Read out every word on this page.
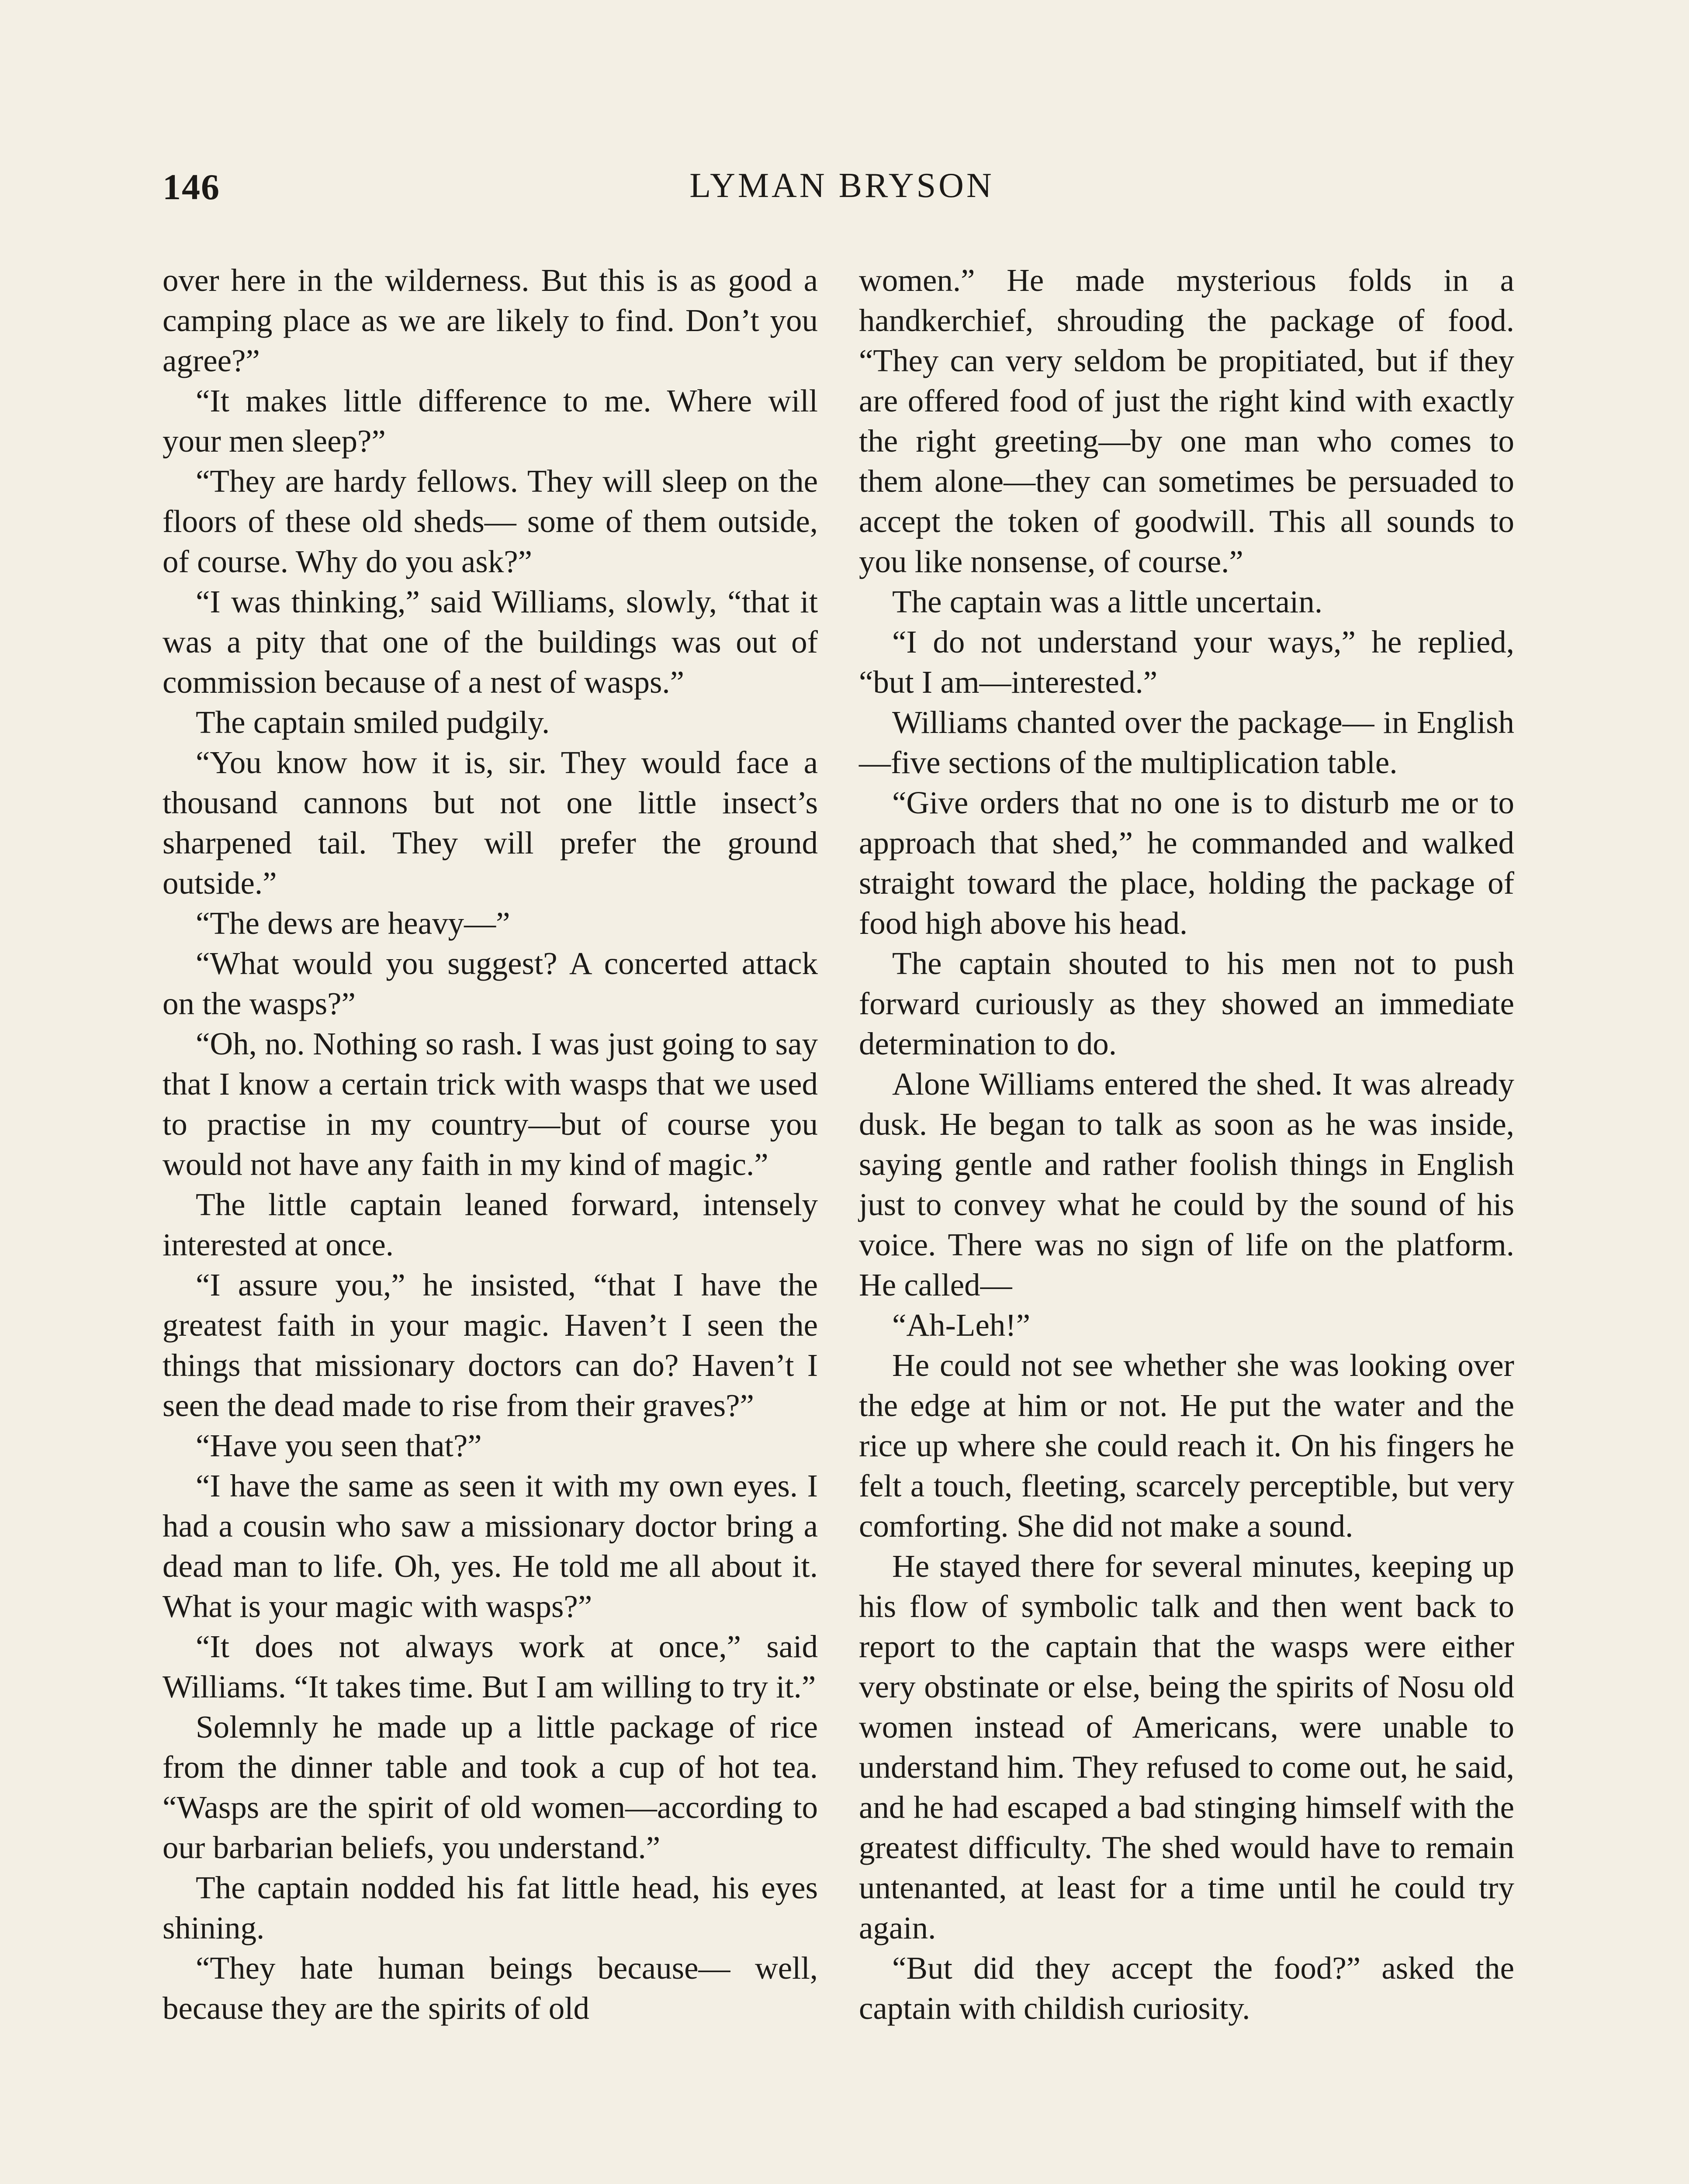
146	LYMAN BRYSON

over here in the wilderness. But this is as good a camping place as we are likely to find. Don’t you agree?”

“It makes little difference to me. Where will your men sleep?”

“They are hardy fellows. They will sleep on the floors of these old sheds— some of them outside, of course. Why do you ask?”

“I was thinking,” said Williams, slowly, “that it was a pity that one of the buildings was out of commission because of a nest of wasps.”

The captain smiled pudgily.

“You know how it is, sir. They would face a thousand cannons but not one little insect’s sharpened tail. They will prefer the ground outside.”

“The dews are heavy—”

“What would you suggest? A concerted attack on the wasps?”

“Oh, no. Nothing so rash. I was just going to say that I know a certain trick with wasps that we used to practise in my country—but of course you would not have any faith in my kind of magic.”

The little captain leaned forward, intensely interested at once.

“I assure you,” he insisted, “that I have the greatest faith in your magic. Haven’t I seen the things that missionary doctors can do? Haven’t I seen the dead made to rise from their graves?”

“Have you seen that?”

“I have the same as seen it with my own eyes. I had a cousin who saw a missionary doctor bring a dead man to life. Oh, yes. He told me all about it. What is your magic with wasps?”

“It does not always work at once,” said Williams. “It takes time. But I am willing to try it.”

Solemnly he made up a little package of rice from the dinner table and took a cup of hot tea. “Wasps are the spirit of old women—according to our barbarian beliefs, you understand.”

The captain nodded his fat little head, his eyes shining.

“They hate human beings because— well, because they are the spirits of old

women.” He made mysterious folds in a handkerchief, shrouding the package of food. “They can very seldom be propitiated, but if they are offered food of just the right kind with exactly the right greeting—by one man who comes to them alone—they can sometimes be persuaded to accept the token of goodwill. This all sounds to you like nonsense, of course.”

The captain was a little uncertain.

“I do not understand your ways,” he replied, “but I am—interested.”

Williams chanted over the package— in English—five sections of the multiplication table.

“Give orders that no one is to disturb me or to approach that shed,” he commanded and walked straight toward the place, holding the package of food high above his head.

The captain shouted to his men not to push forward curiously as they showed an immediate determination to do.

Alone Williams entered the shed. It was already dusk. He began to talk as soon as he was inside, saying gentle and rather foolish things in English just to convey what he could by the sound of his voice. There was no sign of life on the platform. He called—

“Ah-Leh!”

He could not see whether she was looking over the edge at him or not. He put the water and the rice up where she could reach it. On his fingers he felt a touch, fleeting, scarcely perceptible, but very comforting. She did not make a sound.

He stayed there for several minutes, keeping up his flow of symbolic talk and then went back to report to the captain that the wasps were either very obstinate or else, being the spirits of Nosu old women instead of Americans, were unable to understand him. They refused to come out, he said, and he had escaped a bad stinging himself with the greatest difficulty. The shed would have to remain untenanted, at least for a time until he could try again.

“But did they accept the food?” asked the captain with childish curiosity.
